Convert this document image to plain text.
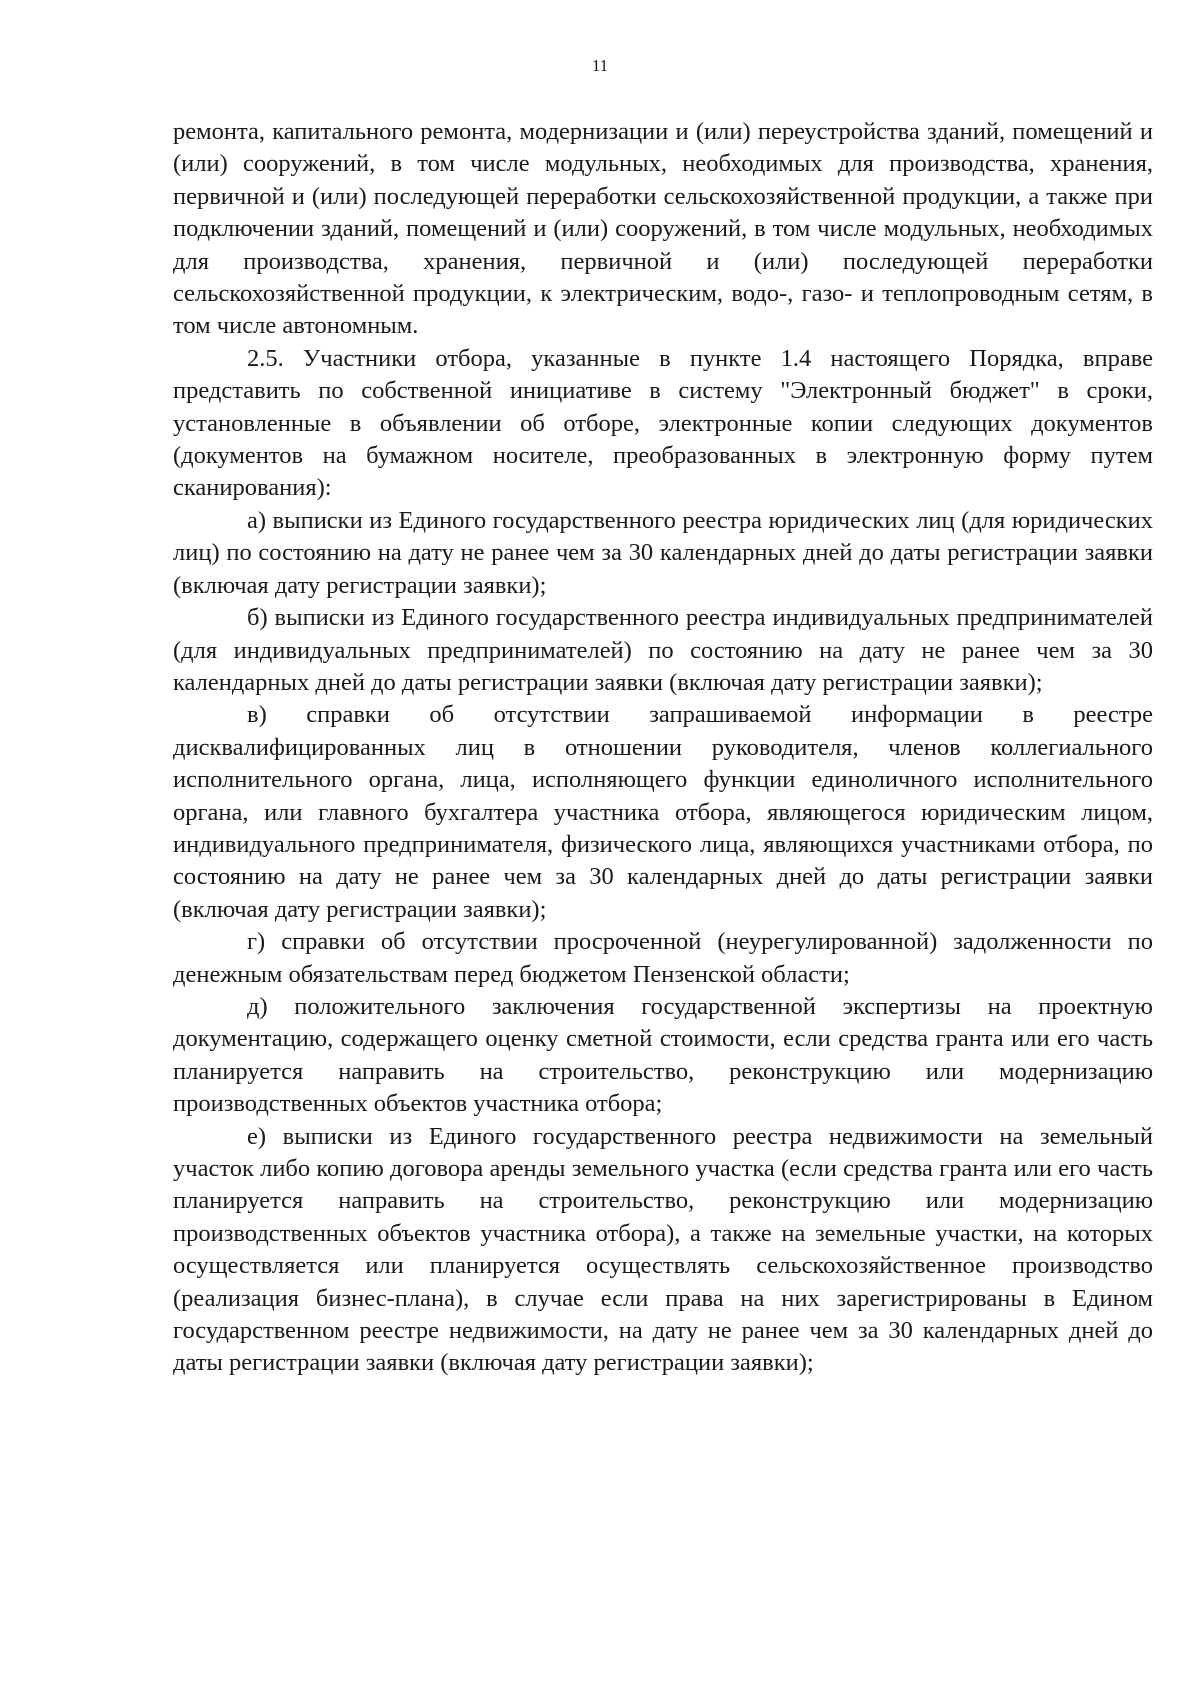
11

ремонта, капитального ремонта, модернизации и (или) переустройства зданий, помещений и (или) сооружений, в том числе модульных, необходимых для производства, хранения, первичной и (или) последующей переработки сельскохозяйственной продукции, а также при подключении зданий, помещений и (или) сооружений, в том числе модульных, необходимых для производства, хранения, первичной и (или) последующей переработки сельскохозяйственной продукции, к электрическим, водо-, газо- и теплопроводным сетям, в том числе автономным.

2.5. Участники отбора, указанные в пункте 1.4 настоящего Порядка, вправе представить по собственной инициативе в систему "Электронный бюджет" в сроки, установленные в объявлении об отборе, электронные копии следующих документов (документов на бумажном носителе, преобразованных в электронную форму путем сканирования):

а) выписки из Единого государственного реестра юридических лиц (для юридических лиц) по состоянию на дату не ранее чем за 30 календарных дней до даты регистрации заявки (включая дату регистрации заявки);

б) выписки из Единого государственного реестра индивидуальных предпринимателей (для индивидуальных предпринимателей) по состоянию на дату не ранее чем за 30 календарных дней до даты регистрации заявки (включая дату регистрации заявки);

в) справки об отсутствии запрашиваемой информации в реестре дисквалифицированных лиц в отношении руководителя, членов коллегиального исполнительного органа, лица, исполняющего функции единоличного исполнительного органа, или главного бухгалтера участника отбора, являющегося юридическим лицом, индивидуального предпринимателя, физического лица, являющихся участниками отбора, по состоянию на дату не ранее чем за 30 календарных дней до даты регистрации заявки (включая дату регистрации заявки);

г) справки об отсутствии просроченной (неурегулированной) задолженности по денежным обязательствам перед бюджетом Пензенской области;

д) положительного заключения государственной экспертизы на проектную документацию, содержащего оценку сметной стоимости, если средства гранта или его часть планируется направить на строительство, реконструкцию или модернизацию производственных объектов участника отбора;

е) выписки из Единого государственного реестра недвижимости на земельный участок либо копию договора аренды земельного участка (если средства гранта или его часть планируется направить на строительство, реконструкцию или модернизацию производственных объектов участника отбора), а также на земельные участки, на которых осуществляется или планируется осуществлять сельскохозяйственное производство (реализация бизнес-плана), в случае если права на них зарегистрированы в Едином государственном реестре недвижимости, на дату не ранее чем за 30 календарных дней до даты регистрации заявки (включая дату регистрации заявки);
